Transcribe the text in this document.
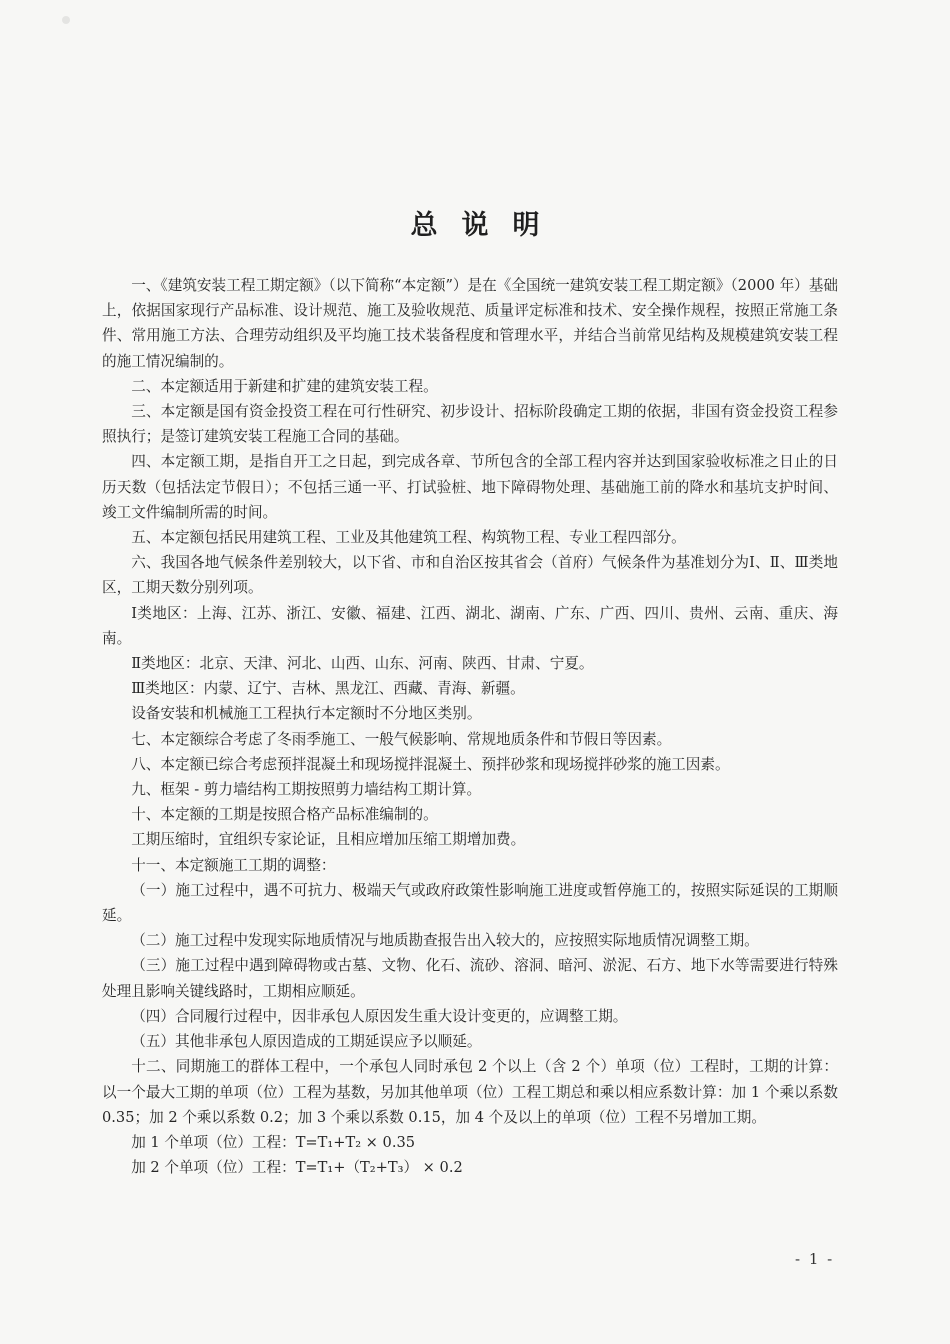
总说明

一、《建筑安装工程工期定额》（以下简称“本定额”）是在《全国统一建筑安装工程工期定额》（2000 年）基础上，依据国家现行产品标准、设计规范、施工及验收规范、质量评定标准和技术、安全操作规程，按照正常施工条件、常用施工方法、合理劳动组织及平均施工技术装备程度和管理水平，并结合当前常见结构及规模建筑安装工程的施工情况编制的。

二、本定额适用于新建和扩建的建筑安装工程。

三、本定额是国有资金投资工程在可行性研究、初步设计、招标阶段确定工期的依据，非国有资金投资工程参照执行；是签订建筑安装工程施工合同的基础。

四、本定额工期，是指自开工之日起，到完成各章、节所包含的全部工程内容并达到国家验收标准之日止的日历天数（包括法定节假日）；不包括三通一平、打试验桩、地下障碍物处理、基础施工前的降水和基坑支护时间、竣工文件编制所需的时间。

五、本定额包括民用建筑工程、工业及其他建筑工程、构筑物工程、专业工程四部分。

六、我国各地气候条件差别较大，以下省、市和自治区按其省会（首府）气候条件为基准划分为Ⅰ、Ⅱ、Ⅲ类地区，工期天数分别列项。

Ⅰ类地区：上海、江苏、浙江、安徽、福建、江西、湖北、湖南、广东、广西、四川、贵州、云南、重庆、海南。

Ⅱ类地区：北京、天津、河北、山西、山东、河南、陕西、甘肃、宁夏。

Ⅲ类地区：内蒙、辽宁、吉林、黑龙江、西藏、青海、新疆。

设备安装和机械施工工程执行本定额时不分地区类别。

七、本定额综合考虑了冬雨季施工、一般气候影响、常规地质条件和节假日等因素。

八、本定额已综合考虑预拌混凝土和现场搅拌混凝土、预拌砂浆和现场搅拌砂浆的施工因素。

九、框架 - 剪力墙结构工期按照剪力墙结构工期计算。

十、本定额的工期是按照合格产品标准编制的。

工期压缩时，宜组织专家论证，且相应增加压缩工期增加费。

十一、本定额施工工期的调整：

（一）施工过程中，遇不可抗力、极端天气或政府政策性影响施工进度或暂停施工的，按照实际延误的工期顺延。

（二）施工过程中发现实际地质情况与地质勘查报告出入较大的，应按照实际地质情况调整工期。

（三）施工过程中遇到障碍物或古墓、文物、化石、流砂、溶洞、暗河、淤泥、石方、地下水等需要进行特殊处理且影响关键线路时，工期相应顺延。

（四）合同履行过程中，因非承包人原因发生重大设计变更的，应调整工期。

（五）其他非承包人原因造成的工期延误应予以顺延。

十二、同期施工的群体工程中，一个承包人同时承包 2 个以上（含 2 个）单项（位）工程时，工期的计算：以一个最大工期的单项（位）工程为基数，另加其他单项（位）工程工期总和乘以相应系数计算：加 1 个乘以系数 0.35；加 2 个乘以系数 0.2；加 3 个乘以系数 0.15，加 4 个及以上的单项（位）工程不另增加工期。

加 1 个单项（位）工程：T=T₁+T₂ × 0.35

加 2 个单项（位）工程：T=T₁+（T₂+T₃） × 0.2

- 1 -
